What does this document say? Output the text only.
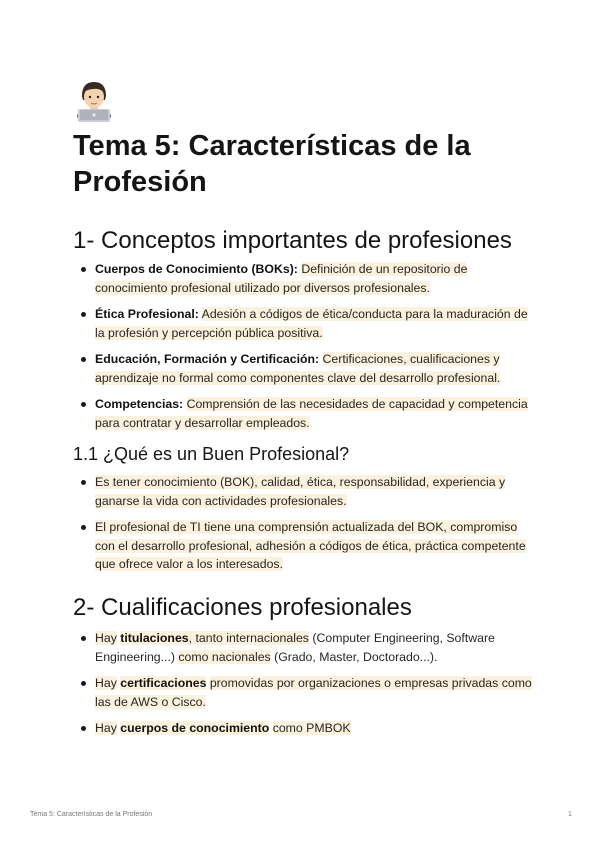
Tema 5: Características de la Profesión
1- Conceptos importantes de profesiones
Cuerpos de Conocimiento (BOKs): Definición de un repositorio de conocimiento profesional utilizado por diversos profesionales.
Ética Profesional: Adesión a códigos de ética/conducta para la maduración de la profesión y percepción pública positiva.
Educación, Formación y Certificación: Certificaciones, cualificaciones y aprendizaje no formal como componentes clave del desarrollo profesional.
Competencias: Comprensión de las necesidades de capacidad y competencia para contratar y desarrollar empleados.
1.1 ¿Qué es un Buen Profesional?
Es tener conocimiento (BOK), calidad, ética, responsabilidad, experiencia y ganarse la vida con actividades profesionales.
El profesional de TI tiene una comprensión actualizada del BOK, compromiso con el desarrollo profesional, adhesión a códigos de ética, práctica competente que ofrece valor a los interesados.
2- Cualificaciones profesionales
Hay titulaciones, tanto internacionales (Computer Engineering, Software Engineering...) como nacionales (Grado, Master, Doctorado...).
Hay certificaciones promovidas por organizaciones o empresas privadas como las de AWS o Cisco.
Hay cuerpos de conocimiento como PMBOK
Tema 5: Características de la Profesión	1
